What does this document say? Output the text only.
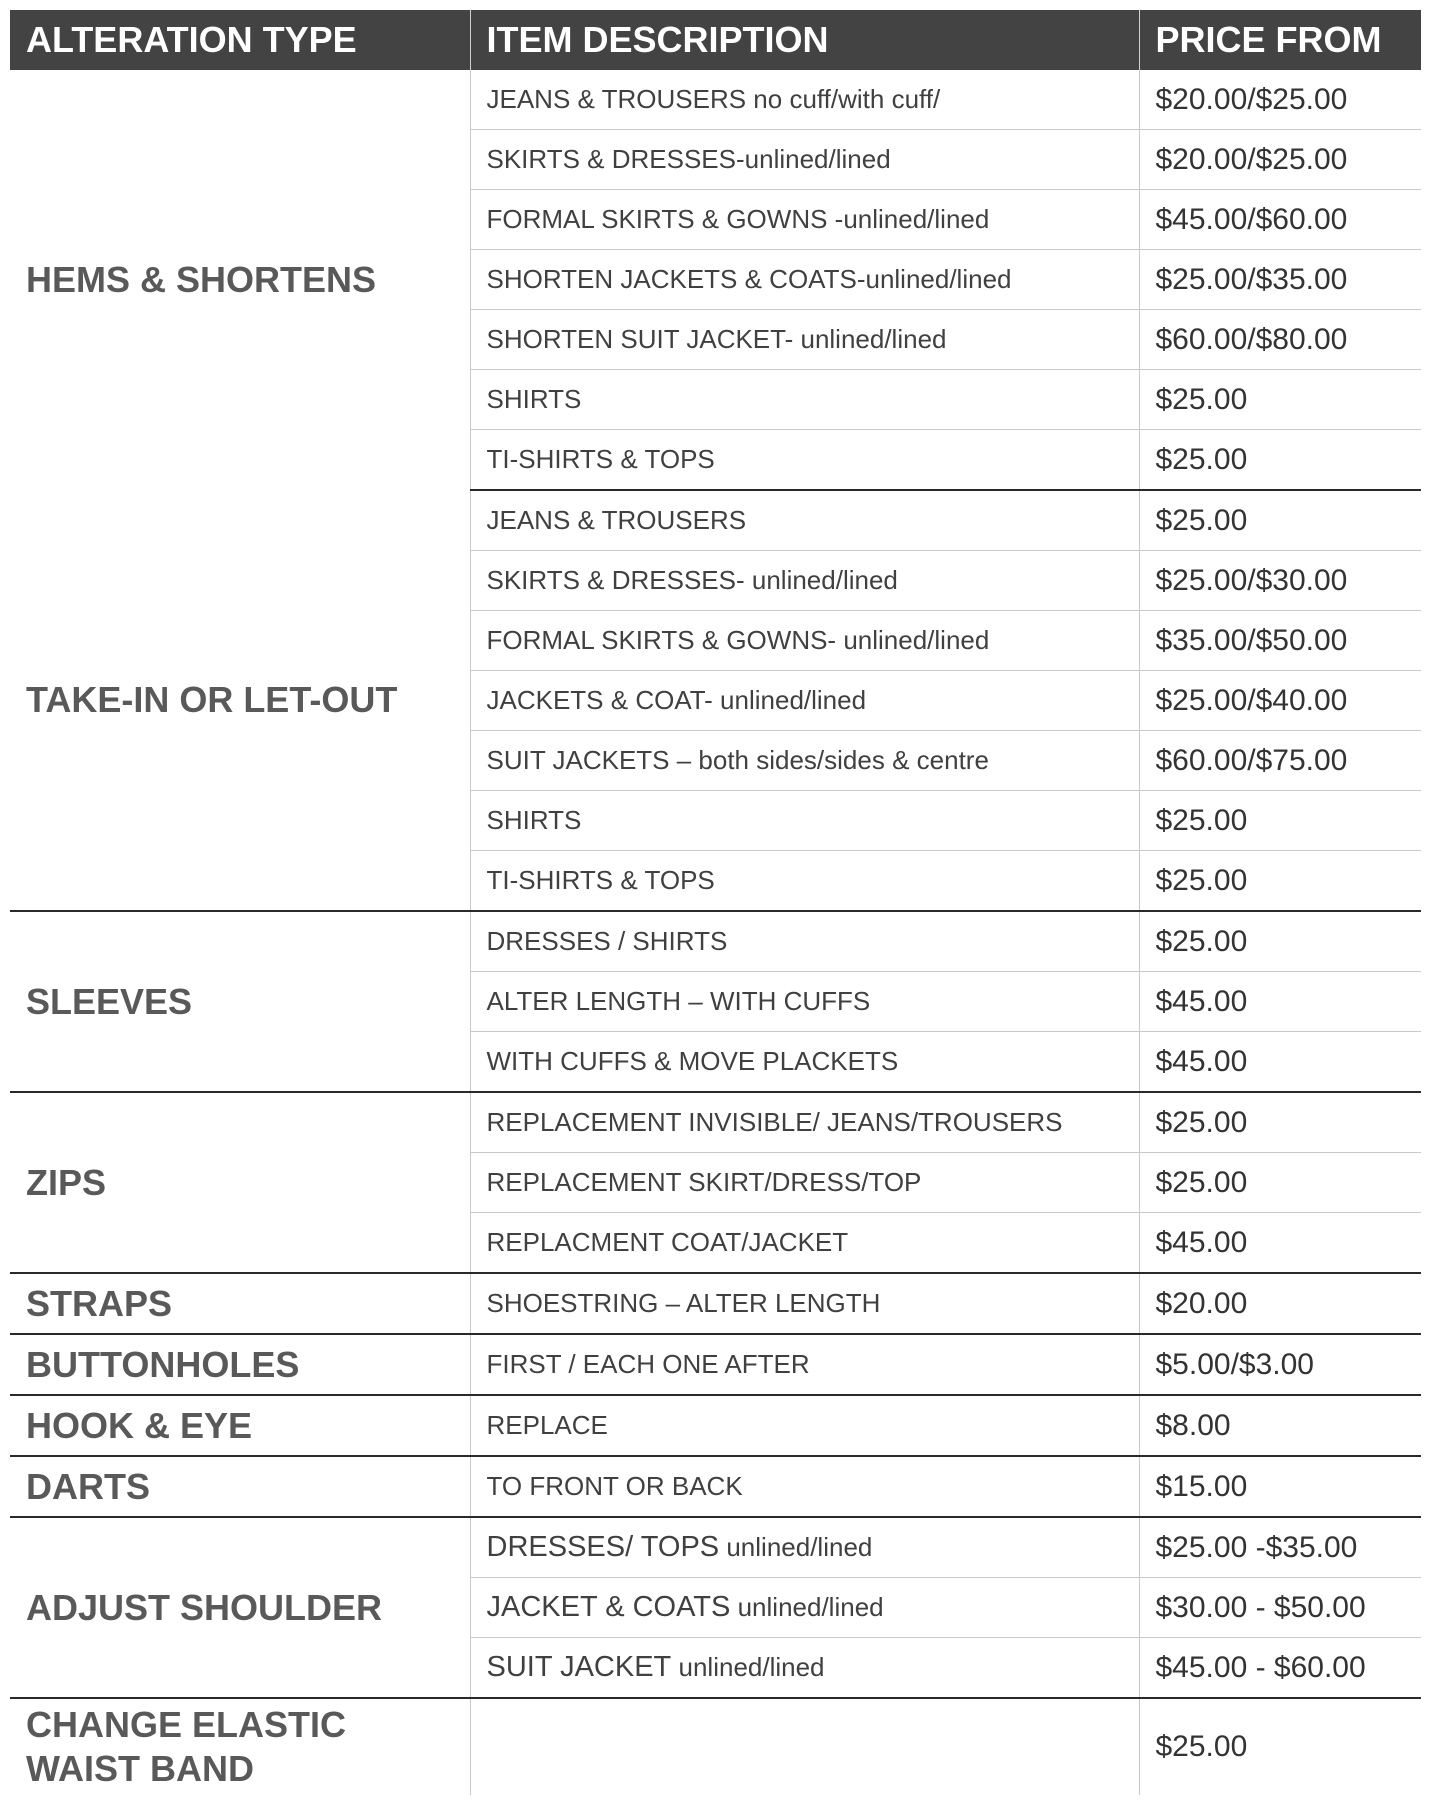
ALTERATION TYPE	ITEM DESCRIPTION	PRICE FROM
HEMS & SHORTENS	JEANS & TROUSERS no cuff/with cuff/	$20.00/$25.00
	SKIRTS & DRESSES-unlined/lined	$20.00/$25.00
	FORMAL SKIRTS & GOWNS -unlined/lined	$45.00/$60.00
	SHORTEN JACKETS & COATS-unlined/lined	$25.00/$35.00
	SHORTEN SUIT JACKET- unlined/lined	$60.00/$80.00
	SHIRTS	$25.00
	TI-SHIRTS & TOPS	$25.00
TAKE-IN OR LET-OUT	JEANS & TROUSERS	$25.00
	SKIRTS & DRESSES- unlined/lined	$25.00/$30.00
	FORMAL SKIRTS & GOWNS- unlined/lined	$35.00/$50.00
	JACKETS & COAT- unlined/lined	$25.00/$40.00
	SUIT JACKETS – both sides/sides & centre	$60.00/$75.00
	SHIRTS	$25.00
	TI-SHIRTS & TOPS	$25.00
SLEEVES	DRESSES / SHIRTS	$25.00
	ALTER LENGTH – WITH CUFFS	$45.00
	WITH CUFFS & MOVE PLACKETS	$45.00
ZIPS	REPLACEMENT INVISIBLE/ JEANS/TROUSERS	$25.00
	REPLACEMENT SKIRT/DRESS/TOP	$25.00
	REPLACMENT COAT/JACKET	$45.00
STRAPS	SHOESTRING – ALTER LENGTH	$20.00
BUTTONHOLES	FIRST / EACH ONE AFTER	$5.00/$3.00
HOOK & EYE	REPLACE	$8.00
DARTS	TO FRONT OR BACK	$15.00
ADJUST SHOULDER	DRESSES/ TOPS unlined/lined	$25.00 -$35.00
	JACKET & COATS unlined/lined	$30.00 - $50.00
	SUIT JACKET unlined/lined	$45.00 - $60.00

CHANGE ELASTIC
WAIST BAND		$25.00
